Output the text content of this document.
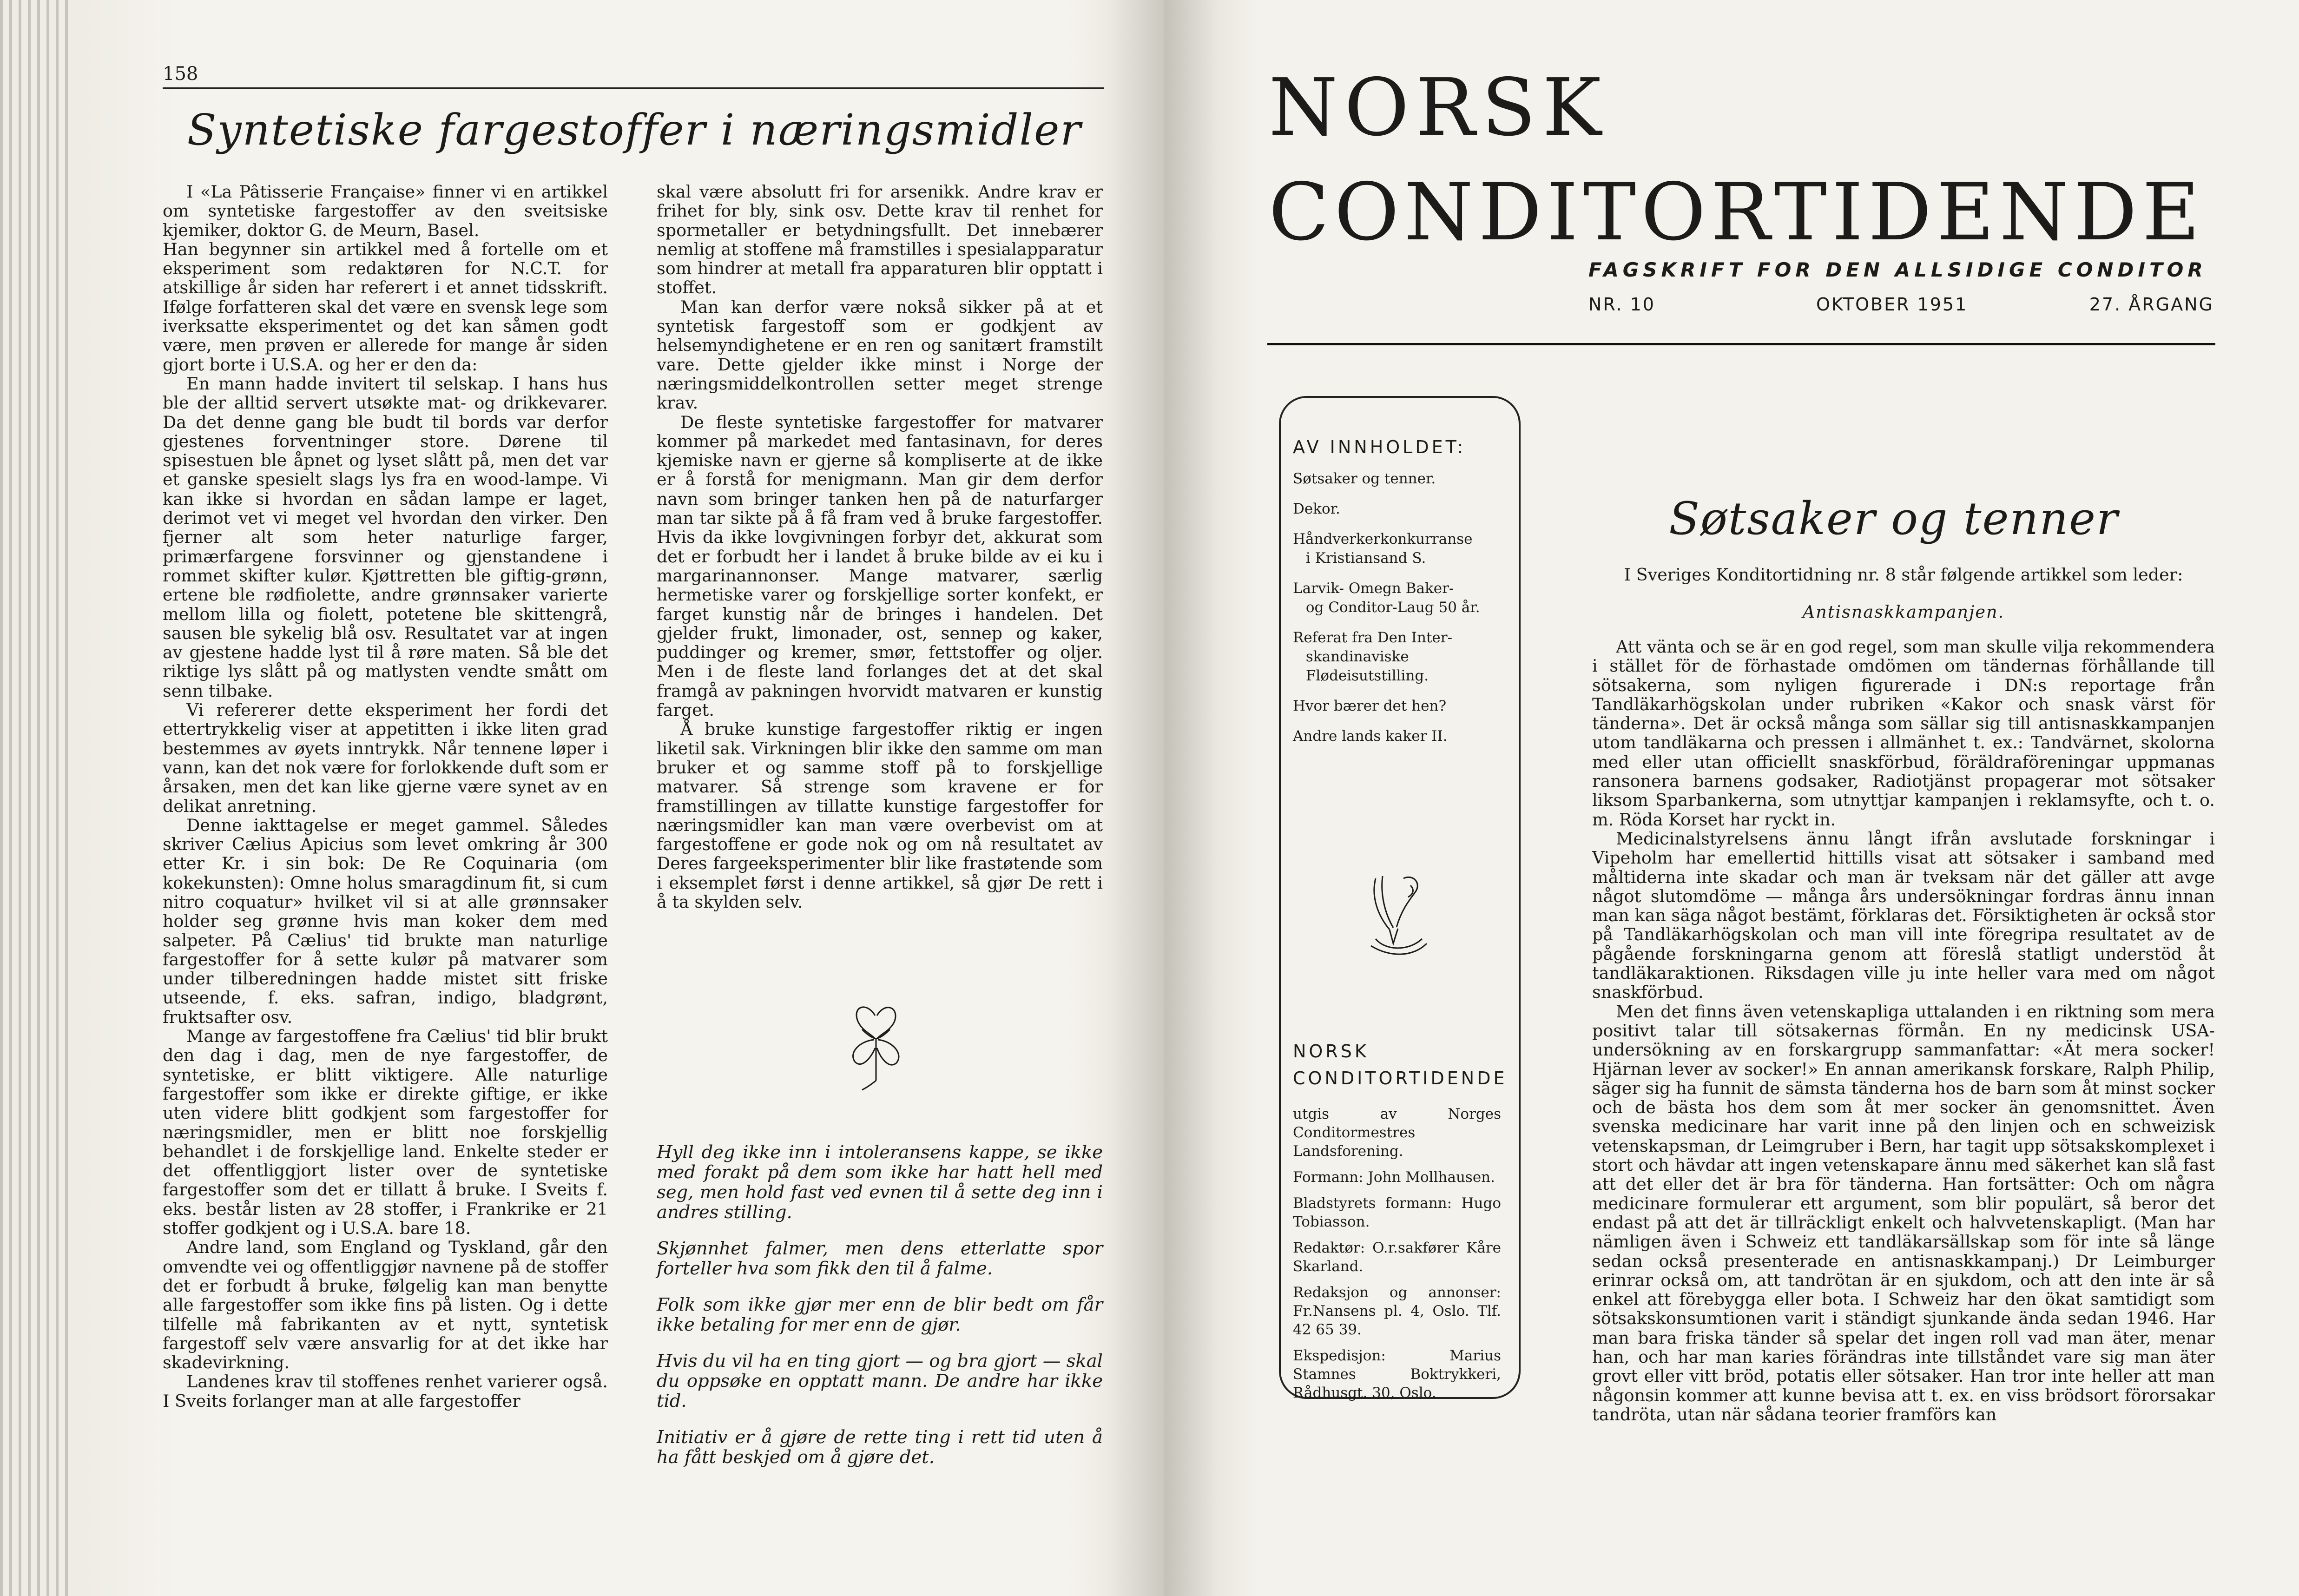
158
Syntetiske fargestoffer i næringsmidler

I «La Pâtisserie Française» finner vi en artikkel om syntetiske fargestoffer av den sveitsiske kjemiker, doktor G. de Meurn, Basel.

Han begynner sin artikkel med å fortelle om et eksperiment som redaktøren for N.C.T. for atskillige år siden har referert i et annet tidsskrift. Ifølge forfatteren skal det være en svensk lege som iverksatte eksperimentet og det kan såmen godt være, men prøven er allerede for mange år siden gjort borte i U.S.A. og her er den da:

En mann hadde invitert til selskap. I hans hus ble der alltid servert utsøkte mat- og drikkevarer. Da det denne gang ble budt til bords var derfor gjestenes forventninger store. Dørene til spisestuen ble åpnet og lyset slått på, men det var et ganske spesielt slags lys fra en wood-lampe. Vi kan ikke si hvordan en sådan lampe er laget, derimot vet vi meget vel hvordan den virker. Den fjerner alt som heter naturlige farger, primærfargene forsvinner og gjenstandene i rommet skifter kulør. Kjøttretten ble giftig-grønn, ertene ble rødfiolette, andre grønnsaker varierte mellom lilla og fiolett, potetene ble skittengrå, sausen ble sykelig blå osv. Resultatet var at ingen av gjestene hadde lyst til å røre maten. Så ble det riktige lys slått på og matlysten vendte smått om senn tilbake.

Vi refererer dette eksperiment her fordi det ettertrykkelig viser at appetitten i ikke liten grad bestemmes av øyets inntrykk. Når tennene løper i vann, kan det nok være for forlokkende duft som er årsaken, men det kan like gjerne være synet av en delikat anretning.

Denne iakttagelse er meget gammel. Således skriver Cælius Apicius som levet omkring år 300 etter Kr. i sin bok: De Re Coquinaria (om kokekunsten): Omne holus smaragdinum fit, si cum nitro coquatur» hvilket vil si at alle grønnsaker holder seg grønne hvis man koker dem med salpeter. På Cælius' tid brukte man naturlige fargestoffer for å sette kulør på matvarer som under tilberedningen hadde mistet sitt friske utseende, f. eks. safran, indigo, bladgrønt, fruktsafter osv.

Mange av fargestoffene fra Cælius' tid blir brukt den dag i dag, men de nye fargestoffer, de syntetiske, er blitt viktigere. Alle naturlige fargestoffer som ikke er direkte giftige, er ikke uten videre blitt godkjent som fargestoffer for næringsmidler, men er blitt noe forskjellig behandlet i de forskjellige land. Enkelte steder er det offentliggjort lister over de syntetiske fargestoffer som det er tillatt å bruke. I Sveits f. eks. består listen av 28 stoffer, i Frankrike er 21 stoffer godkjent og i U.S.A. bare 18.

Andre land, som England og Tyskland, går den omvendte vei og offentliggjør navnene på de stoffer det er forbudt å bruke, følgelig kan man benytte alle fargestoffer som ikke fins på listen. Og i dette tilfelle må fabrikanten av et nytt, syntetisk fargestoff selv være ansvarlig for at det ikke har skadevirkning.

Landenes krav til stoffenes renhet varierer også. I Sveits forlanger man at alle fargestoffer

skal være absolutt fri for arsenikk. Andre krav er frihet for bly, sink osv. Dette krav til renhet for spormetaller er betydningsfullt. Det innebærer nemlig at stoffene må framstilles i spesialapparatur som hindrer at metall fra apparaturen blir opptatt i stoffet.

Man kan derfor være nokså sikker på at et syntetisk fargestoff som er godkjent av helsemyndighetene er en ren og sanitært framstilt vare. Dette gjelder ikke minst i Norge der næringsmiddelkontrollen setter meget strenge krav.

De fleste syntetiske fargestoffer for matvarer kommer på markedet med fantasinavn, for deres kjemiske navn er gjerne så kompliserte at de ikke er å forstå for menigmann. Man gir dem derfor navn som bringer tanken hen på de naturfarger man tar sikte på å få fram ved å bruke fargestoffer. Hvis da ikke lovgivningen forbyr det, akkurat som det er forbudt her i landet å bruke bilde av ei ku i margarinannonser. Mange matvarer, særlig hermetiske varer og forskjellige sorter konfekt, er farget kunstig når de bringes i handelen. Det gjelder frukt, limonader, ost, sennep og kaker, puddinger og kremer, smør, fettstoffer og oljer. Men i de fleste land forlanges det at det skal framgå av pakningen hvorvidt matvaren er kunstig farget.

Å bruke kunstige fargestoffer riktig er ingen liketil sak. Virkningen blir ikke den samme om man bruker et og samme stoff på to forskjellige matvarer. Så strenge som kravene er for framstillingen av tillatte kunstige fargestoffer for næringsmidler kan man være overbevist om at fargestoffene er gode nok og om nå resultatet av Deres fargeeksperimenter blir like frastøtende som i eksemplet først i denne artikkel, så gjør De rett i å ta skylden selv.

Hyll deg ikke inn i intoleransens kappe, se ikke med forakt på dem som ikke har hatt hell med seg, men hold fast ved evnen til å sette deg inn i andres stilling.

Skjønnhet falmer, men dens etterlatte spor forteller hva som fikk den til å falme.

Folk som ikke gjør mer enn de blir bedt om får ikke betaling for mer enn de gjør.

Hvis du vil ha en ting gjort — og bra gjort — skal du oppsøke en opptatt mann. De andre har ikke tid.

Initiativ er å gjøre de rette ting i rett tid uten å ha fått beskjed om å gjøre det.

NORSK
CONDITORTIDENDE
FAGSKRIFT FOR DEN ALLSIDIGE CONDITOR
NR. 10	OKTOBER 1951	27. ÅRGANG
AV INNHOLDET:
Søtsaker og tenner.
Dekor.
Håndverkerkonkurranse
i Kristiansand S.
Larvik- Omegn Baker-
og Conditor-Laug 50 år.
Referat fra Den Inter-
skandinaviske Flødeisutstilling.
Hvor bærer det hen?
Andre lands kaker II.
NORSK
CONDITORTIDENDE

utgis av Norges Conditormestres Landsforening.

Formann: John Mollhausen.

Bladstyrets formann: Hugo Tobiasson.

Redaktør: O.r.sakfører Kåre Skarland.

Redaksjon og annonser: Fr.Nansens pl. 4, Oslo. Tlf. 42 65 39.

Ekspedisjon: Marius Stamnes Boktrykkeri, Rådhusgt. 30, Oslo.

Søtsaker og tenner

I Sveriges Konditortidning nr. 8 står følgende artikkel som leder:

Antisnaskkampanjen.

Att vänta och se är en god regel, som man skulle vilja rekommendera i stället för de förhastade omdömen om tändernas förhållande till sötsakerna, som nyligen figurerade i DN:s reportage från Tandläkarhögskolan under rubriken «Kakor och snask värst för tänderna». Det är också många som sällar sig till antisnaskkampanjen utom tandläkarna och pressen i allmänhet t. ex.: Tandvärnet, skolorna med eller utan officiellt snaskförbud, föräldraföreningar uppmanas ransonera barnens godsaker, Radiotjänst propagerar mot sötsaker liksom Sparbankerna, som utnyttjar kampanjen i reklamsyfte, och t. o. m. Röda Korset har ryckt in.

Medicinalstyrelsens ännu långt ifrån avslutade forskningar i Vipeholm har emellertid hittills visat att sötsaker i samband med måltiderna inte skadar och man är tveksam när det gäller att avge något slutomdöme — många års undersökningar fordras ännu innan man kan säga något bestämt, förklaras det. Försiktigheten är också stor på Tandläkarhögskolan och man vill inte föregripa resultatet av de pågående forskningarna genom att föreslå statligt understöd åt tandläkaraktionen. Riksdagen ville ju inte heller vara med om något snaskförbud.

Men det finns även vetenskapliga uttalanden i en riktning som mera positivt talar till sötsakernas förmån. En ny medicinsk USA-undersökning av en forskargrupp sammanfattar: «Ät mera socker! Hjärnan lever av socker!» En annan amerikansk forskare, Ralph Philip, säger sig ha funnit de sämsta tänderna hos de barn som åt minst socker och de bästa hos dem som åt mer socker än genomsnittet. Även svenska medicinare har varit inne på den linjen och en schweizisk vetenskapsman, dr Leimgruber i Bern, har tagit upp sötsakskomplexet i stort och hävdar att ingen vetenskapare ännu med säkerhet kan slå fast att det eller det är bra för tänderna. Han fortsätter: Och om några medicinare formulerar ett argument, som blir populärt, så beror det endast på att det är tillräckligt enkelt och halvvetenskapligt. (Man har nämligen även i Schweiz ett tandläkarsällskap som för inte så länge sedan också presenterade en antisnaskkampanj.) Dr Leimburger erinrar också om, att tandrötan är en sjukdom, och att den inte är så enkel att förebygga eller bota. I Schweiz har den ökat samtidigt som sötsakskonsumtionen varit i ständigt sjunkande ända sedan 1946. Har man bara friska tänder så spelar det ingen roll vad man äter, menar han, och har man karies förändras inte tillståndet vare sig man äter grovt eller vitt bröd, potatis eller sötsaker. Han tror inte heller att man någonsin kommer att kunne bevisa att t. ex. en viss brödsort förorsakar tandröta, utan när sådana teorier framförs kan
